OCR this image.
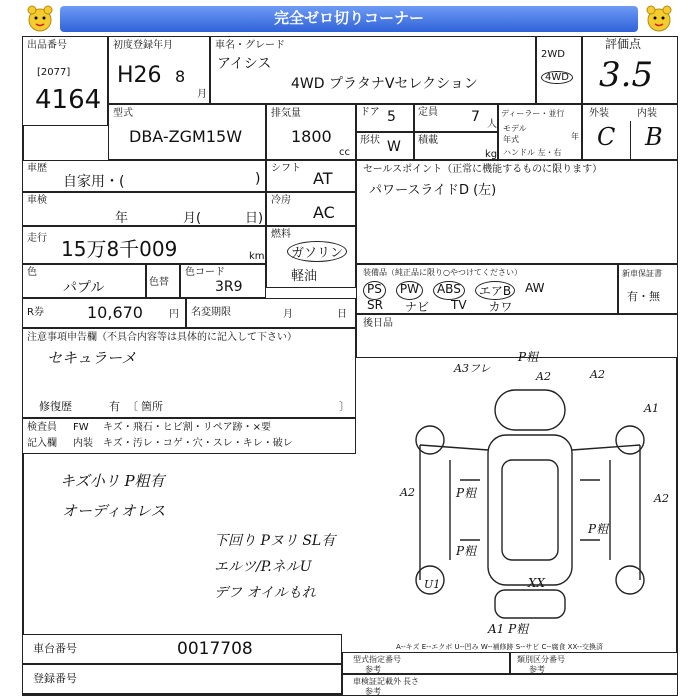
完全ゼロ切りコーナー
出品番号
[2077]
4164
初度登録年月
H26 8
月
車名・グレード
アイシス
4WD プラタナVセレクション
2WD
4WD
評価点
3.5
型式
DBA-ZGM15W
排気量
1800
cc
ドア 5 定員 7 人
形状 W 積載
kg
ディーラー・並行
モデル年式	年
ハンドル 左・右
外装	内装
C B
車歴
自家用・(	)
シフト
AT
車検
年	月(	日)
冷房
AC
走行 15万8千009	km
燃料
ガソリン
軽油
色
パプル	色替
色コード
3R9
R券	10,670	円 名変期限	月	日
セールスポイント（正常に機能するものに限ります）
パワースライドD (左)
装備品（純正品に限り○やつけてください）
PS	PW	ABS	エアB	AW
SR ナビ TV カワ
新車保証書
有・無
後日品
注意事項申告欄（不具合内容等は具体的に記入して下さい）
セキュラーメ
修復歴	有 〔 箇所	〕
検査員
記入欄
FW キズ・飛石・ヒビ割・リペア跡・×要
内装 キズ・汚レ・コゲ・穴・スレ・キレ・破レ
キズ小リ P粗有
オーディオレス
下回り Pヌリ SL有
エルツ/P.ネルU
デフ オイルもれ
A3フレ
P粗
A2	A2
A1
A2	P粗	A2
P粗
P粗
U1	XX
A1 P粗
A--キズ E--エクボ U--凹み W--補修跡 S--サビ C--腐食 XX--交換済
車台番号	0017708
登録番号
型式指定番号
参考
類別区分番号
参考
車検証記載外
参考
長さ
